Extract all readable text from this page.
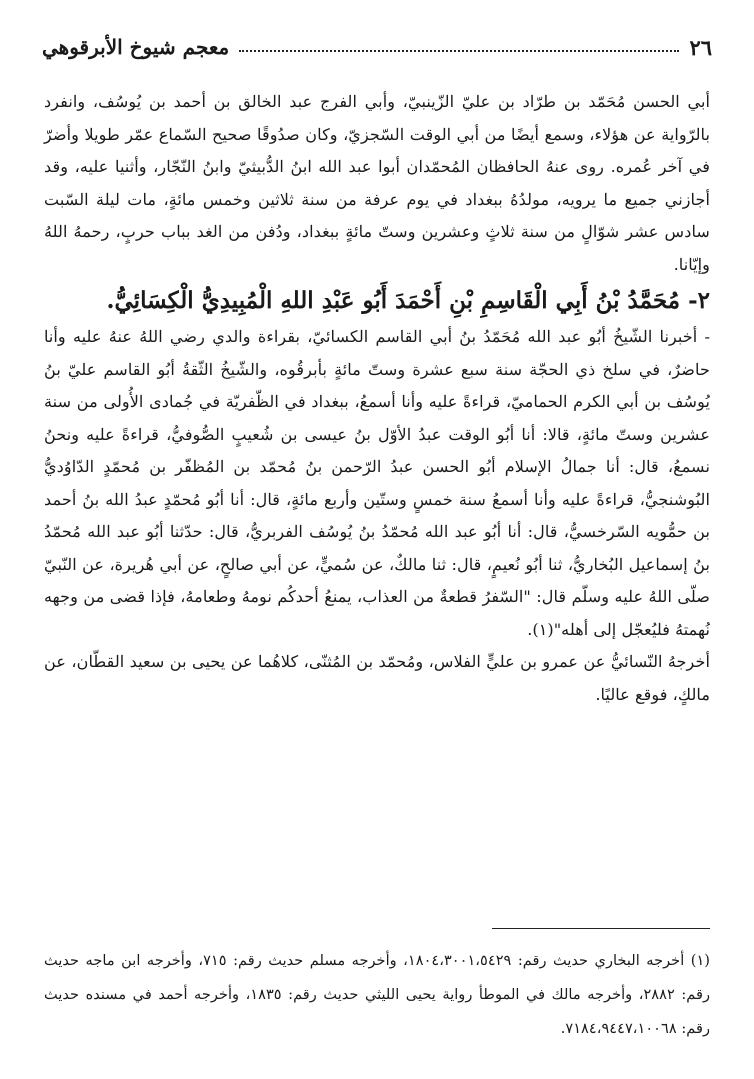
٢٦
معجم شيوخ الأبرقوهي

أبي الحسن مُحَمّد بن طرّاد بن عليّ الزّينبيّ، وأبي الفرج عبد الخالق بن أحمد بن يُوسُف، وانفرد بالرّواية عن هؤلاء، وسمع أيضًا من أبي الوقت السّجزيّ، وكان صدُوقًا صحيح السّماع عمّر طويلا وأضرّ في آخر عُمره. روى عنهُ الحافظان المُحمّدان أبوا عبد الله ابنُ الدُّبيثيّ وابنُ النّجّار، وأثنيا عليه، وقد أجازني جميع ما يرويه، مولدُهُ ببغداد في يوم عرفة من سنة ثلاثين وخمس مائةٍ، مات ليلة السّبت سادس عشر شوّالٍ من سنة ثلاثٍ وعشرين وستّ مائةٍ ببغداد، ودُفن من الغد بباب حربٍ، رحمهُ اللهُ وإيّانا.

٢- مُحَمَّدُ بْنُ أَبِي الْقَاسِمِ بْنِ أَحْمَدَ أَبُو عَبْدِ اللهِ الْمُبِيدِيُّ الْكِسَائِيُّ.

- أخبرنا الشّيخُ أبُو عبد الله مُحَمّدُ بنُ أبي القاسم الكسائيّ، بقراءة والدي رضي اللهُ عنهُ عليه وأنا حاضرٌ، في سلخ ذي الحجّة سنة سبع عشرة وستّ مائةٍ بأبرقُوه، والشّيخُ الثّقةُ أبُو القاسم عليّ بنُ يُوسُف بن أبي الكرم الحماميّ، قراءةً عليه وأنا أسمعُ، ببغداد في الظّفريّة في جُمادى الأُولى من سنة عشرين وستّ مائةٍ، قالا: أنا أبُو الوقت عبدُ الأوّل بنُ عيسى بن شُعيبٍ الصُّوفيُّ، قراءةً عليه ونحنُ نسمعُ، قال: أنا جمالُ الإسلام أبُو الحسن عبدُ الرّحمن بنُ مُحمّد بن المُظفّر بن مُحمّدٍ الدّاوُديُّ البُوشنجيُّ، قراءةً عليه وأنا أسمعُ سنة خمسٍ وستّين وأربع مائةٍ، قال: أنا أبُو مُحمّدٍ عبدُ الله بنُ أحمد بن حمُّويه السّرخسيُّ، قال: أنا أبُو عبد الله مُحمّدُ بنُ يُوسُف الفربريُّ، قال: حدّثنا أبُو عبد الله مُحمّدُ بنُ إسماعيل البُخاريُّ، ثنا أبُو نُعيمٍ، قال: ثنا مالكٌ، عن سُميٍّ، عن أبي صالحٍ، عن أبي هُريرة، عن النّبيّ صلّى اللهُ عليه وسلّم قال: "السّفرُ قطعةٌ من العذاب، يمنعُ أحدكُم نومهُ وطعامهُ، فإذا قضى من وجهه نُهمتهُ فليُعجّل إلى أهله"(١).

أخرجهُ النّسائيُّ عن عمرو بن عليٍّ الفلاس، ومُحمّد بن المُثنّى، كلاهُما عن يحيى بن سعيد القطّان، عن مالكٍ، فوقع عاليًا.

(١) أخرجه البخاري حديث رقم: ١٨٠٤،٣٠٠١،٥٤٢٩، وأخرجه مسلم حديث رقم: ٧١٥، وأخرجه ابن ماجه حديث رقم: ٢٨٨٢، وأخرجه مالك في الموطأ رواية يحيى الليثي حديث رقم: ١٨٣٥، وأخرجه أحمد في مسنده حديث رقم: ٧١٨٤،٩٤٤٧،١٠٠٦٨.
